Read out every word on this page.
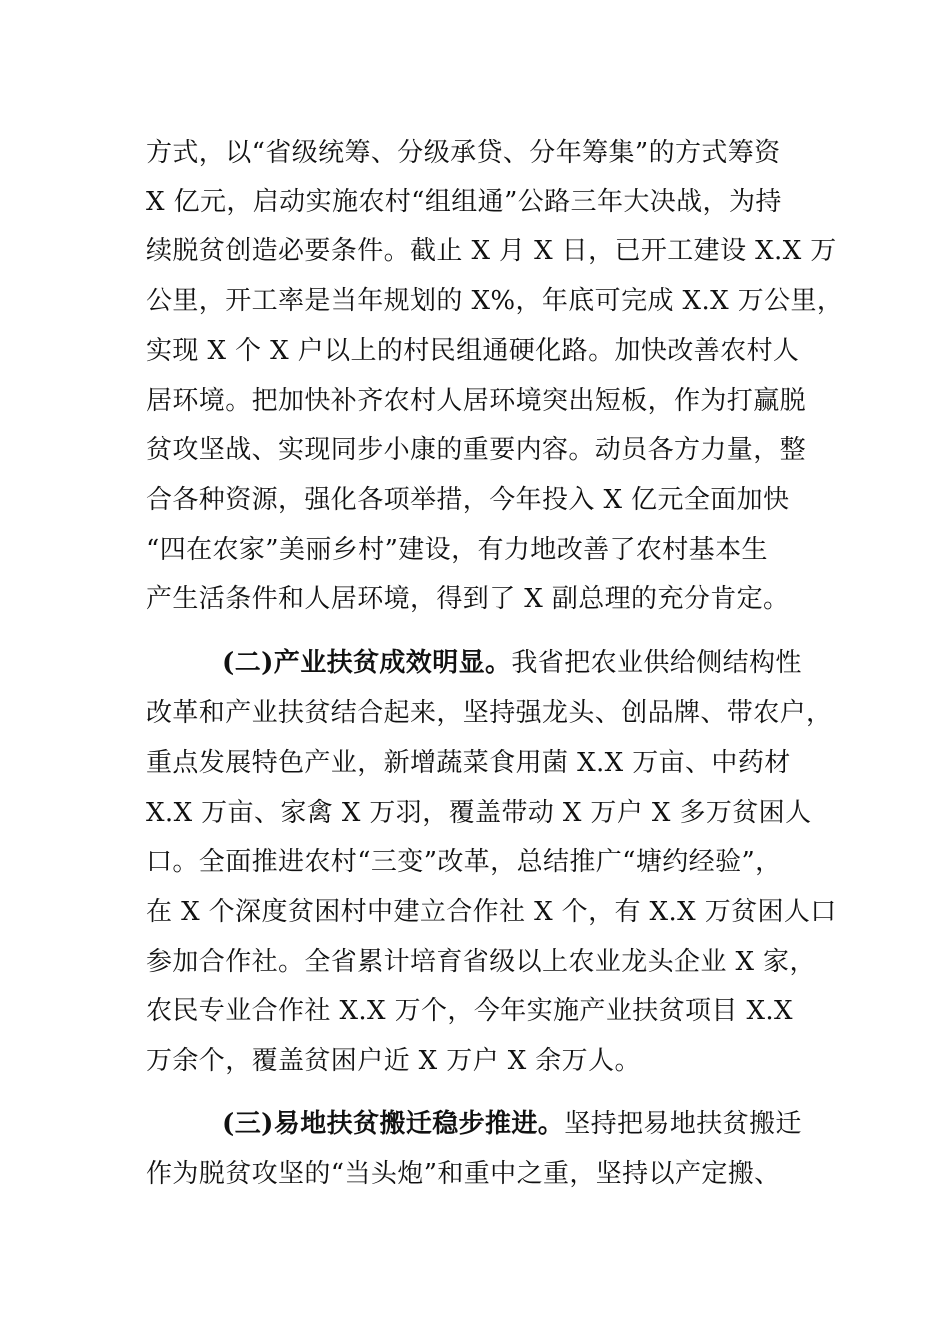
方式，以“省级统筹、分级承贷、分年筹集”的方式筹资
X 亿元，启动实施农村“组组通”公路三年大决战，为持
续脱贫创造必要条件。截止 X 月 X 日，已开工建设 X.X 万
公里，开工率是当年规划的 X%，年底可完成 X.X 万公里，
实现 X 个 X 户以上的村民组通硬化路。加快改善农村人
居环境。把加快补齐农村人居环境突出短板，作为打赢脱
贫攻坚战、实现同步小康的重要内容。动员各方力量，整
合各种资源，强化各项举措，今年投入 X 亿元全面加快
“四在农家”美丽乡村”建设，有力地改善了农村基本生
产生活条件和人居环境，得到了 X 副总理的充分肯定。
(二)产业扶贫成效明显。我省把农业供给侧结构性
改革和产业扶贫结合起来，坚持强龙头、创品牌、带农户，
重点发展特色产业，新增蔬菜食用菌 X.X 万亩、中药材
X.X 万亩、家禽 X 万羽，覆盖带动 X 万户 X 多万贫困人
口。全面推进农村“三变”改革，总结推广“塘约经验”，
在 X 个深度贫困村中建立合作社 X 个，有 X.X 万贫困人口
参加合作社。全省累计培育省级以上农业龙头企业 X 家，
农民专业合作社 X.X 万个，今年实施产业扶贫项目 X.X
万余个，覆盖贫困户近 X 万户 X 余万人。
(三)易地扶贫搬迁稳步推进。坚持把易地扶贫搬迁
作为脱贫攻坚的“当头炮”和重中之重，坚持以产定搬、
